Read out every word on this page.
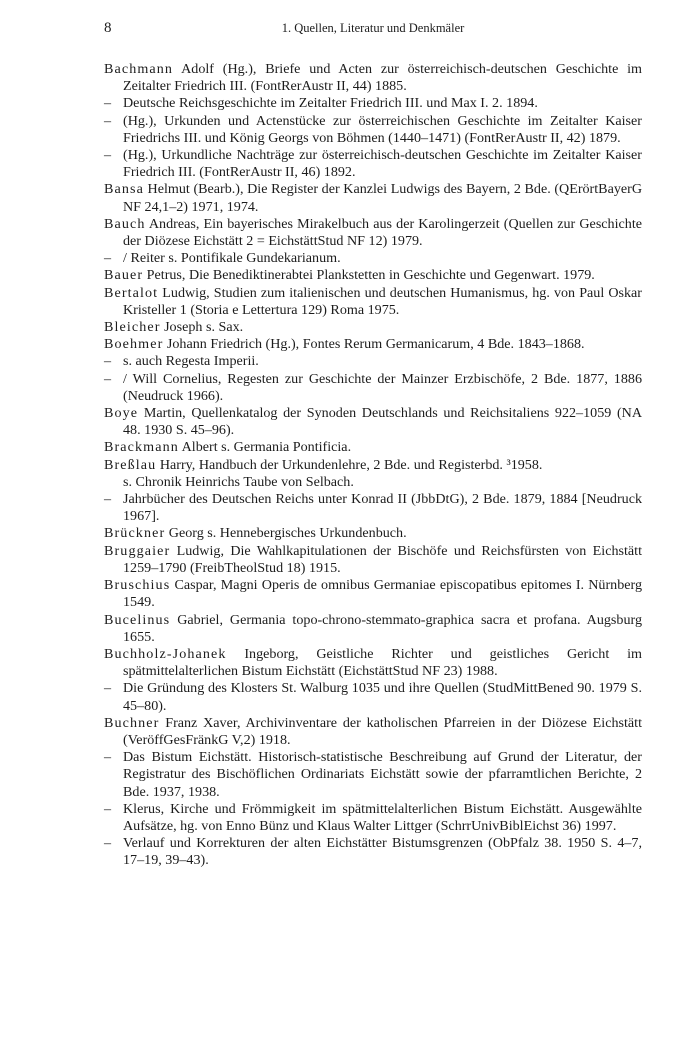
8	1. Quellen, Literatur und Denkmäler

Bachmann Adolf (Hg.), Briefe und Acten zur österreichisch-deutschen Geschichte im Zeitalter Friedrich III. (FontRerAustr II, 44) 1885.

– Deutsche Reichsgeschichte im Zeitalter Friedrich III. und Max I. 2. 1894.

– (Hg.), Urkunden und Actenstücke zur österreichischen Geschichte im Zeitalter Kaiser Friedrichs III. und König Georgs von Böhmen (1440–1471) (FontRerAustr II, 42) 1879.

– (Hg.), Urkundliche Nachträge zur österreichisch-deutschen Geschichte im Zeitalter Kaiser Friedrich III. (FontRerAustr II, 46) 1892.

Bansa Helmut (Bearb.), Die Register der Kanzlei Ludwigs des Bayern, 2 Bde. (QErörtBayerG NF 24,1–2) 1971, 1974.

Bauch Andreas, Ein bayerisches Mirakelbuch aus der Karolingerzeit (Quellen zur Geschichte der Diözese Eichstätt 2 = EichstättStud NF 12) 1979.

– / Reiter s. Pontifikale Gundekarianum.

Bauer Petrus, Die Benediktinerabtei Plankstetten in Geschichte und Gegenwart. 1979.

Bertalot Ludwig, Studien zum italienischen und deutschen Humanismus, hg. von Paul Oskar Kristeller 1 (Storia e Lettertura 129) Roma 1975.

Bleicher Joseph s. Sax.

Boehmer Johann Friedrich (Hg.), Fontes Rerum Germanicarum, 4 Bde. 1843–1868.

– s. auch Regesta Imperii.

– / Will Cornelius, Regesten zur Geschichte der Mainzer Erzbischöfe, 2 Bde. 1877, 1886 (Neudruck 1966).

Boye Martin, Quellenkatalog der Synoden Deutschlands und Reichsitaliens 922–1059 (NA 48. 1930 S. 45–96).

Brackmann Albert s. Germania Pontificia.

Breßlau Harry, Handbuch der Urkundenlehre, 2 Bde. und Registerbd. ³1958.

s. Chronik Heinrichs Taube von Selbach.

– Jahrbücher des Deutschen Reichs unter Konrad II (JbbDtG), 2 Bde. 1879, 1884 [Neudruck 1967].

Brückner Georg s. Hennebergisches Urkundenbuch.

Bruggaier Ludwig, Die Wahlkapitulationen der Bischöfe und Reichsfürsten von Eichstätt 1259–1790 (FreibTheolStud 18) 1915.

Bruschius Caspar, Magni Operis de omnibus Germaniae episcopatibus epitomes I. Nürnberg 1549.

Bucelinus Gabriel, Germania topo-chrono-stemmato-graphica sacra et profana. Augsburg 1655.

Buchholz-Johanek Ingeborg, Geistliche Richter und geistliches Gericht im spätmittelalterlichen Bistum Eichstätt (EichstättStud NF 23) 1988.

– Die Gründung des Klosters St. Walburg 1035 und ihre Quellen (StudMittBened 90. 1979 S. 45–80).

Buchner Franz Xaver, Archivinventare der katholischen Pfarreien in der Diözese Eichstätt (VeröffGesFränkG V,2) 1918.

– Das Bistum Eichstätt. Historisch-statistische Beschreibung auf Grund der Literatur, der Registratur des Bischöflichen Ordinariats Eichstätt sowie der pfarramtlichen Berichte, 2 Bde. 1937, 1938.

– Klerus, Kirche und Frömmigkeit im spätmittelalterlichen Bistum Eichstätt. Ausgewählte Aufsätze, hg. von Enno Bünz und Klaus Walter Littger (SchrrUnivBiblEichst 36) 1997.

– Verlauf und Korrekturen der alten Eichstätter Bistumsgrenzen (ObPfalz 38. 1950 S. 4–7, 17–19, 39–43).
